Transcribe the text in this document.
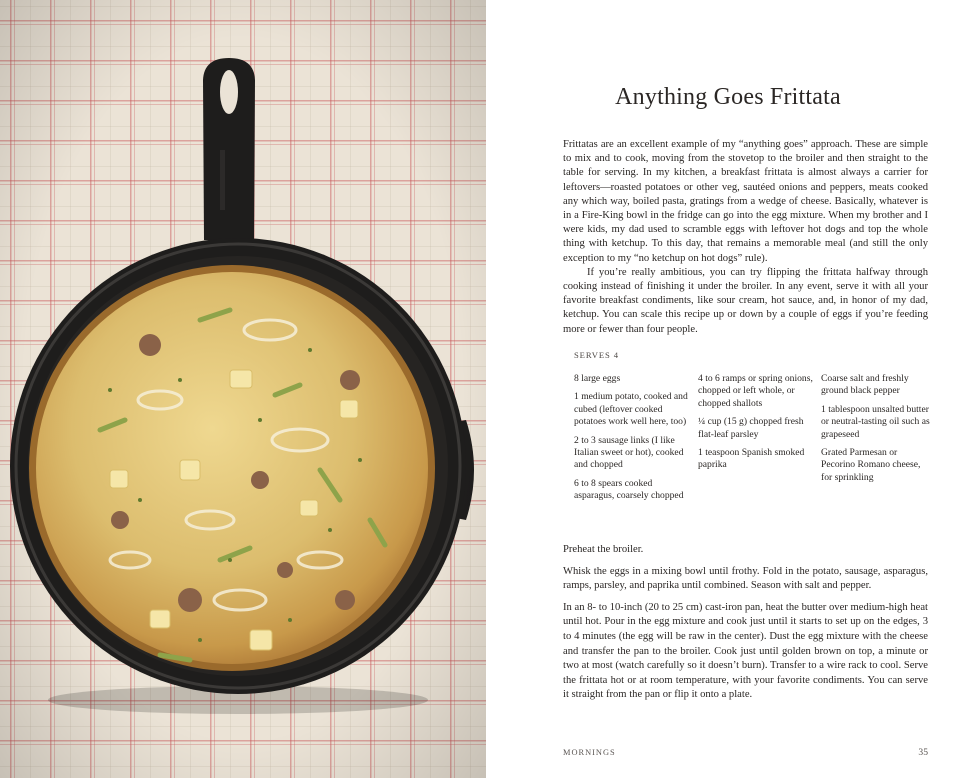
Anything Goes Frittata

Frittatas are an excellent example of my “anything goes” approach. These are simple to mix and to cook, moving from the stovetop to the broiler and then straight to the table for serving. In my kitchen, a breakfast frittata is almost always a carrier for leftovers—roasted potatoes or other veg, sautéed onions and peppers, meats cooked any which way, boiled pasta, gratings from a wedge of cheese. Basically, whatever is in a Fire-King bowl in the fridge can go into the egg mixture. When my brother and I were kids, my dad used to scramble eggs with leftover hot dogs and top the whole thing with ketchup. To this day, that remains a memorable meal (and still the only exception to my “no ketchup on hot dogs” rule).

If you’re really ambitious, you can try flipping the frittata halfway through cooking instead of finishing it under the broiler. In any event, serve it with all your favorite breakfast condiments, like sour cream, hot sauce, and, in honor of my dad, ketchup. You can scale this recipe up or down by a couple of eggs if you’re feeding more or fewer than four people.

SERVES 4

8 large eggs

1 medium potato, cooked and cubed (leftover cooked potatoes work well here, too)

2 to 3 sausage links (I like Italian sweet or hot), cooked and chopped

6 to 8 spears cooked asparagus, coarsely chopped

4 to 6 ramps or spring onions, chopped or left whole, or chopped shallots

¼ cup (15 g) chopped fresh flat-leaf parsley

1 teaspoon Spanish smoked paprika

Coarse salt and freshly ground black pepper

1 tablespoon unsalted butter or neutral-tasting oil such as grapeseed

Grated Parmesan or Pecorino Romano cheese, for sprinkling

Preheat the broiler.

Whisk the eggs in a mixing bowl until frothy. Fold in the potato, sausage, asparagus, ramps, parsley, and paprika until combined. Season with salt and pepper.

In an 8- to 10-inch (20 to 25 cm) cast-iron pan, heat the butter over medium-high heat until hot. Pour in the egg mixture and cook just until it starts to set up on the edges, 3 to 4 minutes (the egg will be raw in the center). Dust the egg mixture with the cheese and transfer the pan to the broiler. Cook just until golden brown on top, a minute or two at most (watch carefully so it doesn’t burn). Transfer to a wire rack to cool. Serve the frittata hot or at room temperature, with your favorite condiments. You can serve it straight from the pan or flip it onto a plate.

MORNINGS	35
